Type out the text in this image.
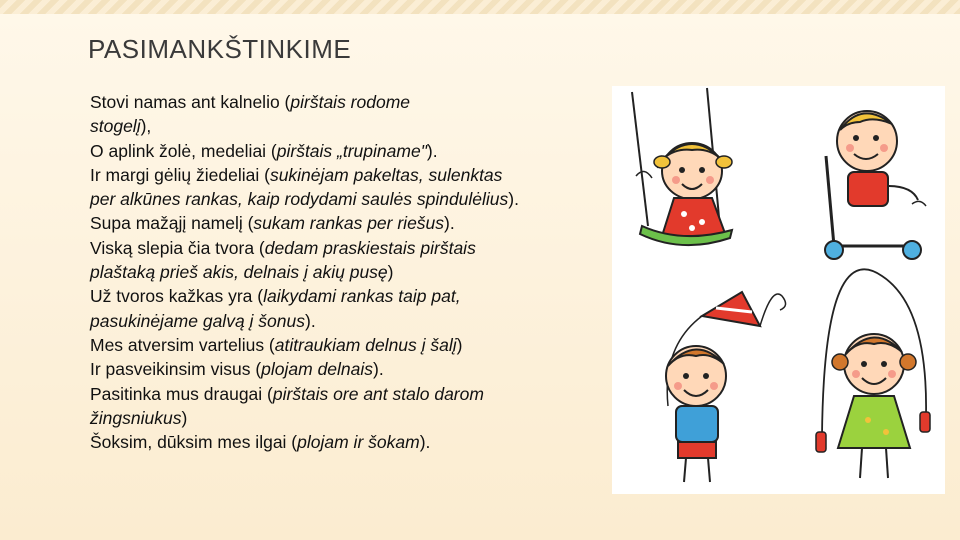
PASIMANKŠTINKIME
Stovi namas ant kalnelio (pirštais rodome
stogelį),
O aplink žolė, medeliai (pirštais „trupiname").
Ir margi gėlių žiedeliai (sukinėjam pakeltas, sulenktas
per alkūnes rankas, kaip rodydami saulės spindulėlius).
Supa mažąjį namelį (sukam rankas per riešus).
Viską slepia čia tvora (dedam praskiestais pirštais
plaštaką prieš akis, delnais į akių pusę)
Už tvoros kažkas yra (laikydami rankas taip pat,
pasukinėjame galvą į šonus).
Mes atversim vartelius (atitraukiam delnus į šalį)
Ir pasveikinsim visus (plojam delnais).
Pasitinka mus draugai (pirštais ore ant stalo darom
žingsniukus)
Šoksim, dūksim mes ilgai (plojam ir šokam).
